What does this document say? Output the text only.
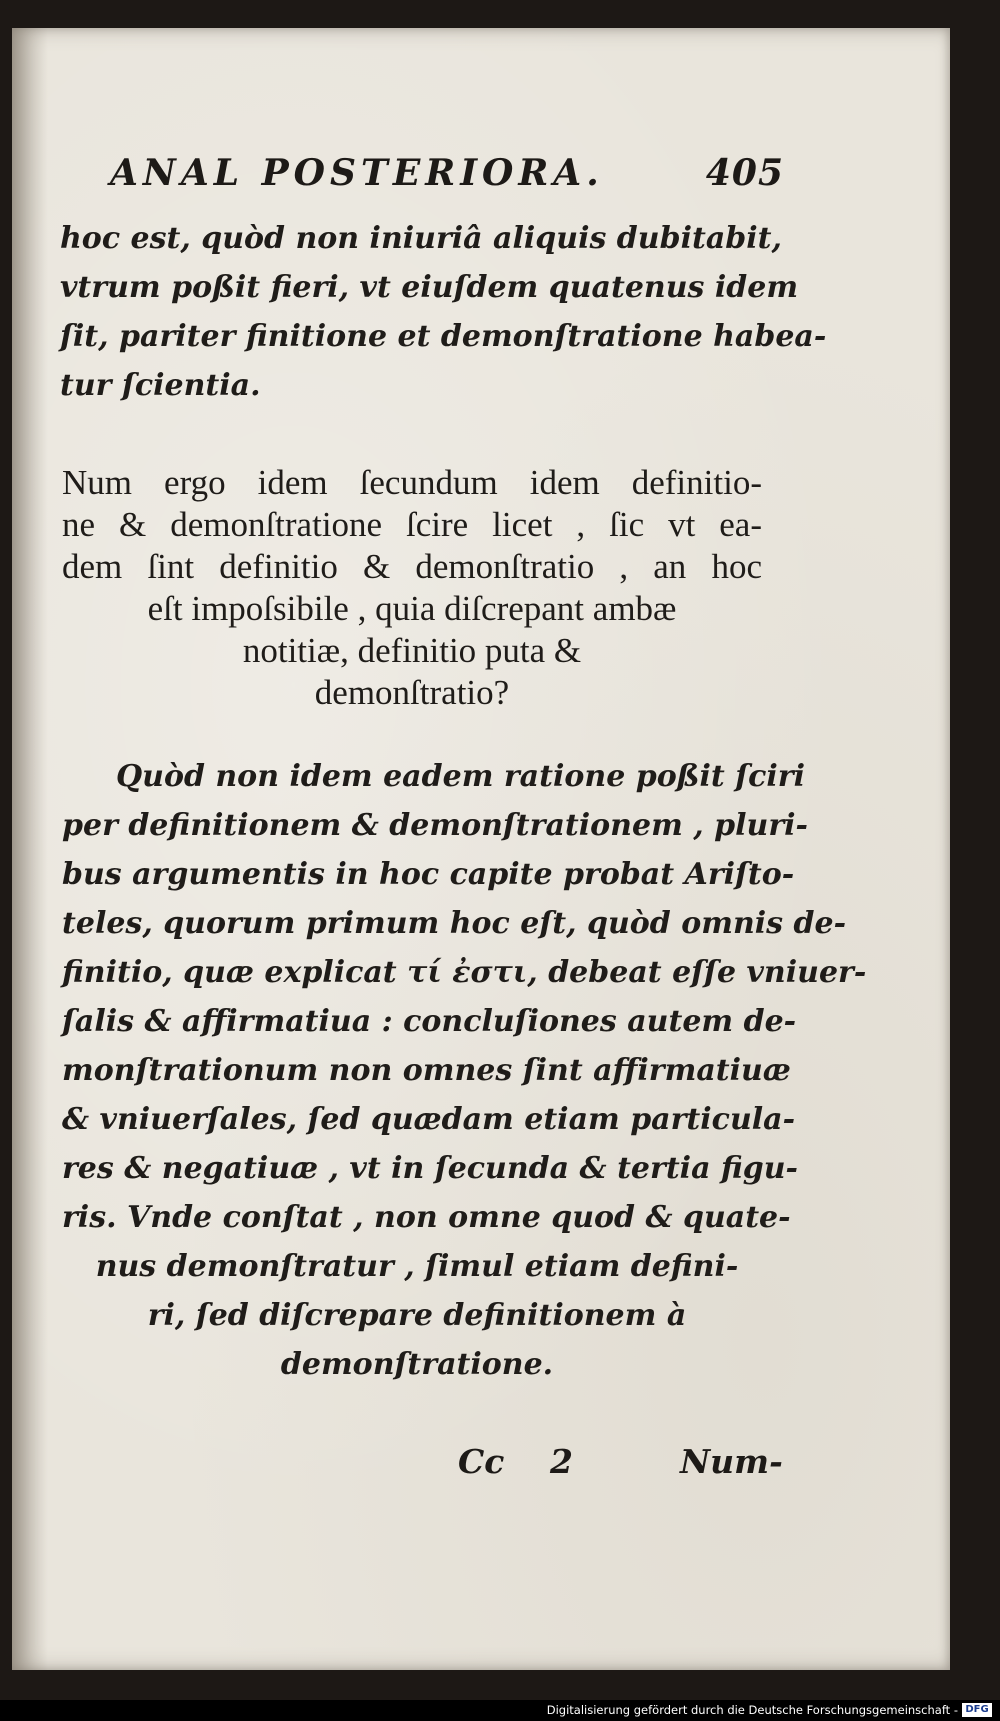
ANAL POSTERIORA.	405
hoc est, quòd non iniuriâ aliquis dubitabit,
vtrum poßit fieri, vt eiuſdem quatenus idem
ſit, pariter finitione et demonſtratione habea-
tur ſcientia.
Num ergo idem ſecundum idem definitio-
ne & demonſtratione ſcire licet , ſic vt ea-
dem ſint definitio & demonſtratio , an hoc
eſt impoſsibile , quia diſcrepant ambæ
notitiæ, definitio puta &
demonſtratio?
Quòd non idem eadem ratione poßit ſciri
per definitionem & demonſtrationem , pluri-
bus argumentis in hoc capite probat Ariſto-
teles, quorum primum hoc eſt, quòd omnis de-
finitio, quæ explicat τί ἐστι, debeat eſſe vniuer-
ſalis & affirmatiua : concluſiones autem de-
monſtrationum non omnes ſint affirmatiuæ
& vniuerſales, ſed quædam etiam particula-
res & negatiuæ , vt in ſecunda & tertia figu-
ris. Vnde conſtat , non omne quod & quate-
nus demonſtratur , ſimul etiam defini-
ri, ſed diſcrepare definitionem à
demonſtratione.
Cc 2	Num-
Digitalisierung gefördert durch die Deutsche Forschungsgemeinschaft - DFG
